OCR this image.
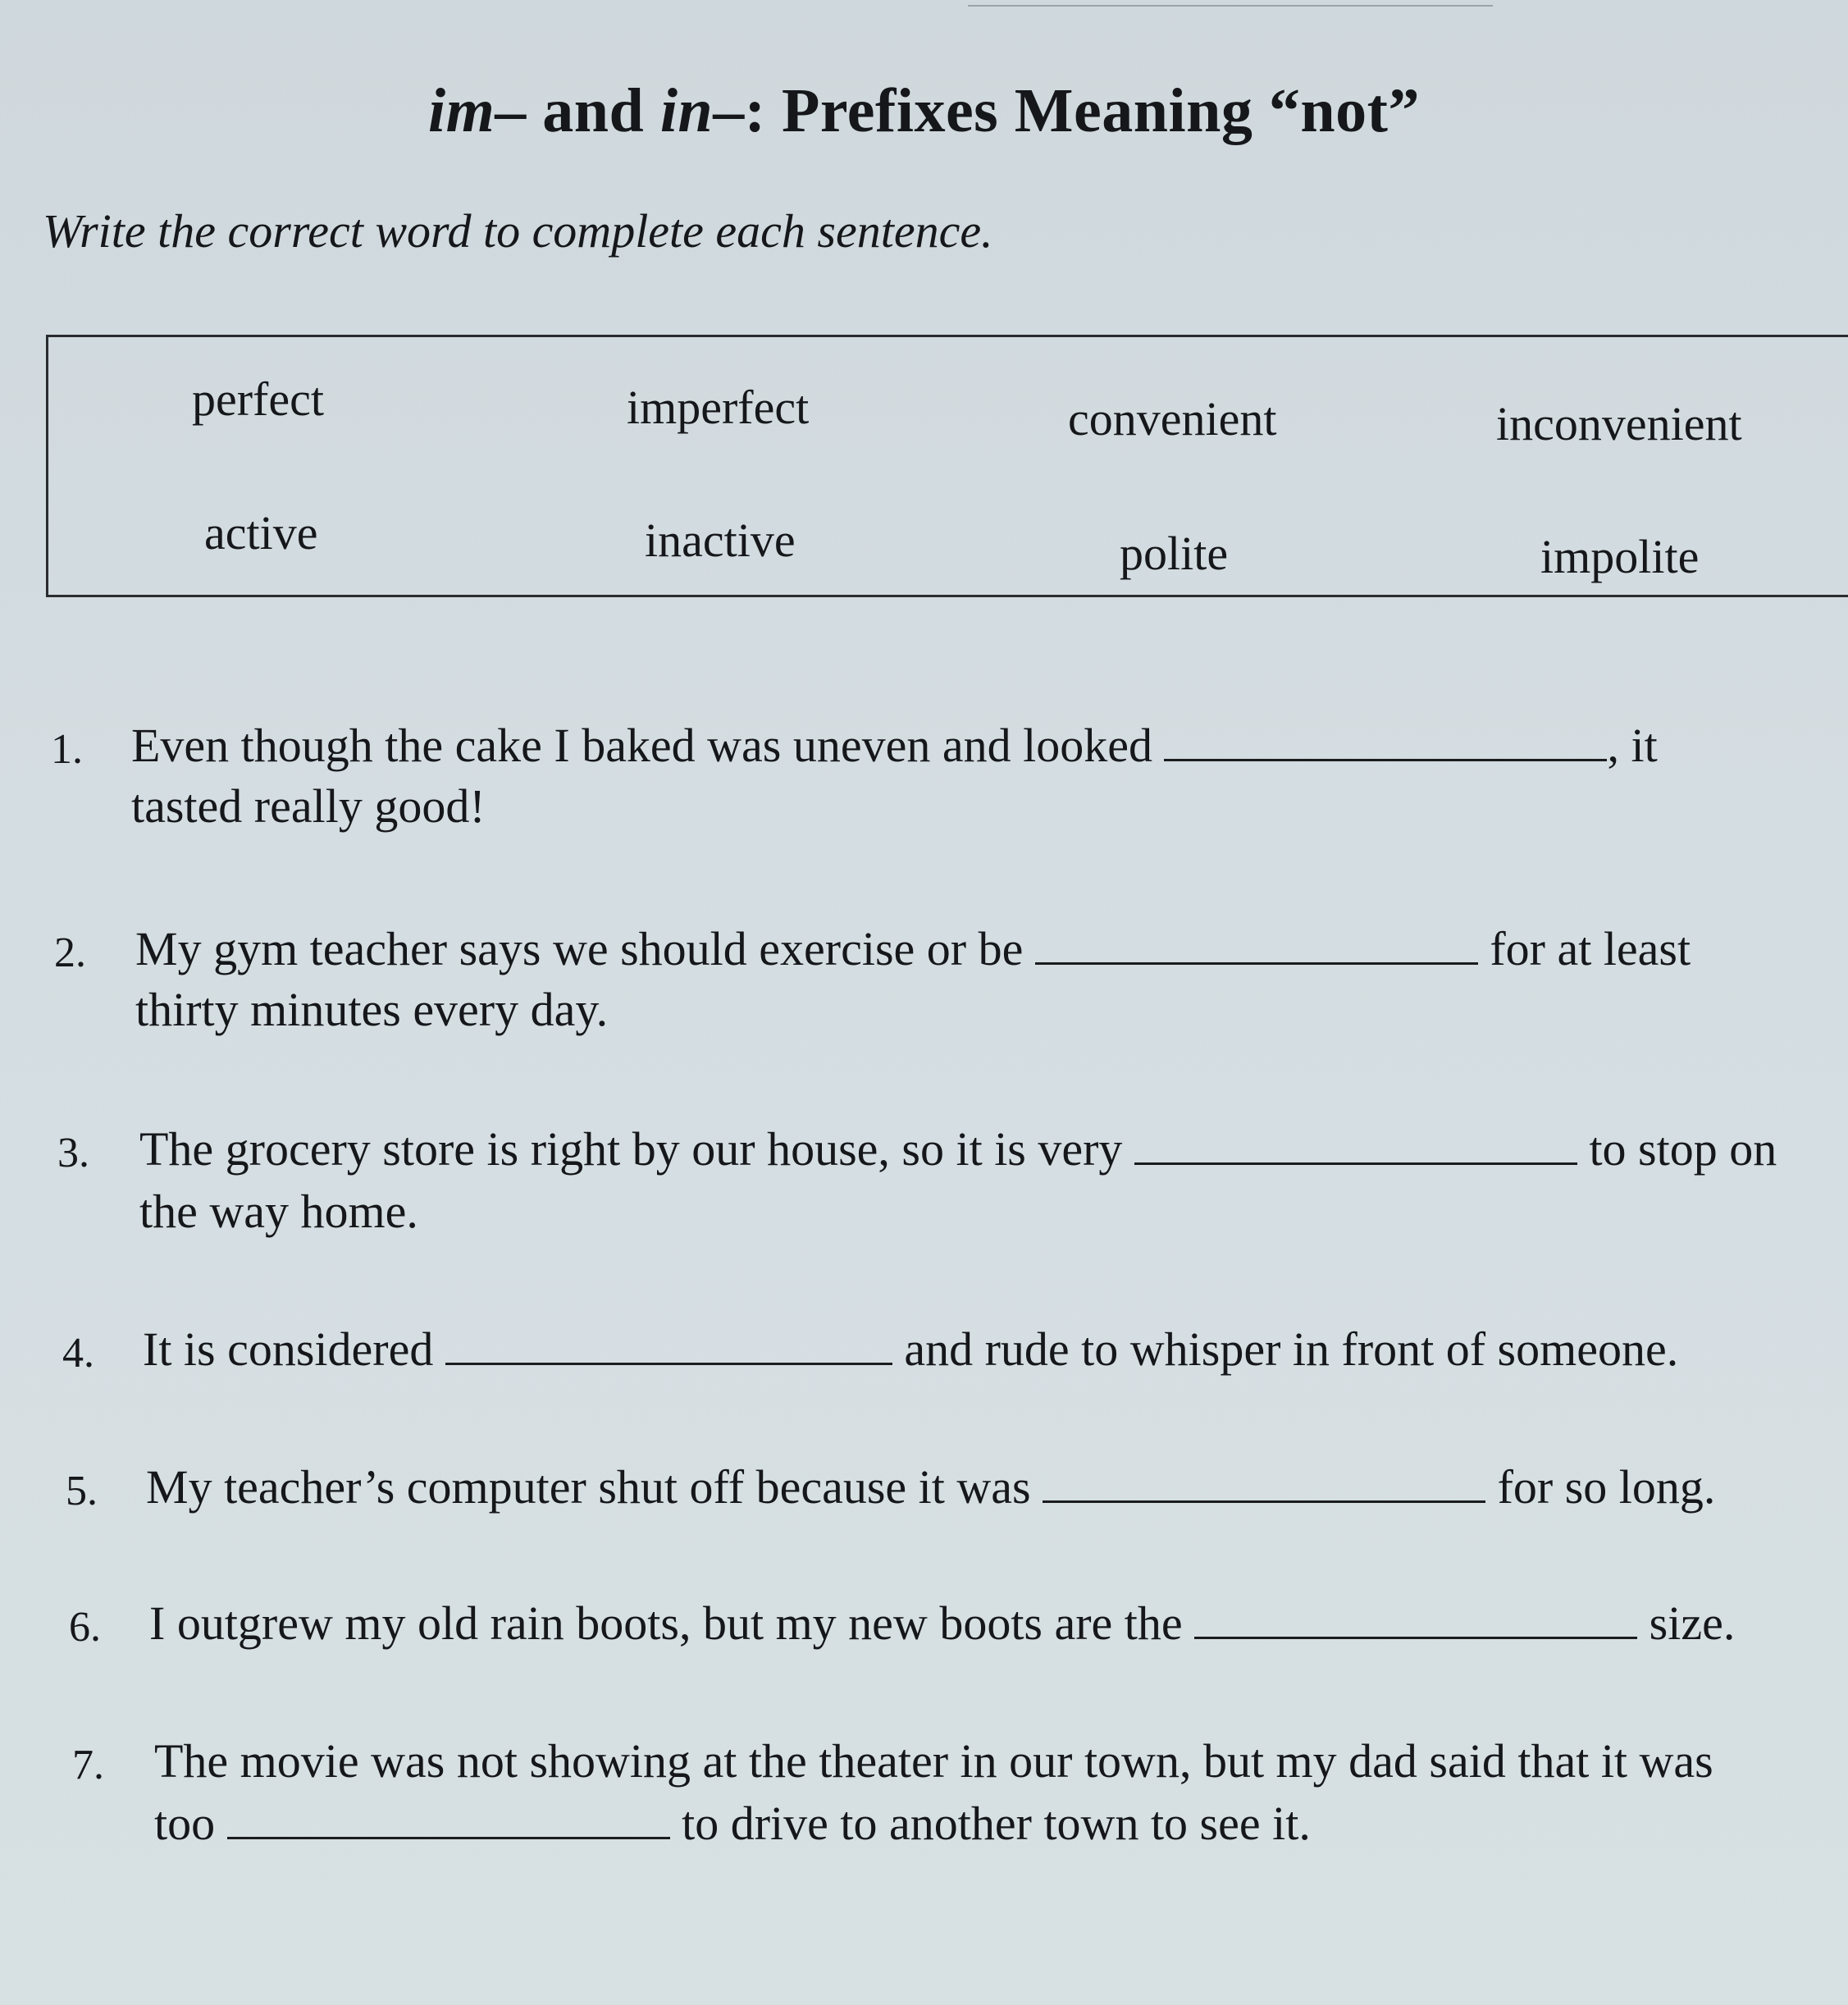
im– and in–: Prefixes Meaning “not”
Write the correct word to complete each sentence.
perfect	imperfect	convenient	inconvenient
active	inactive	polite	impolite
1. Even though the cake I baked was uneven and looked	, it
tasted really good!
2. My gym teacher says we should exercise or be	for at least
thirty minutes every day.
3. The grocery store is right by our house, so it is very	to stop on
the way home.
4. It is considered	and rude to whisper in front of someone.
5. My teacher’s computer shut off because it was	for so long.
6. I outgrew my old rain boots, but my new boots are the	size.
7. The movie was not showing at the theater in our town, but my dad said that it was
too	to drive to another town to see it.
